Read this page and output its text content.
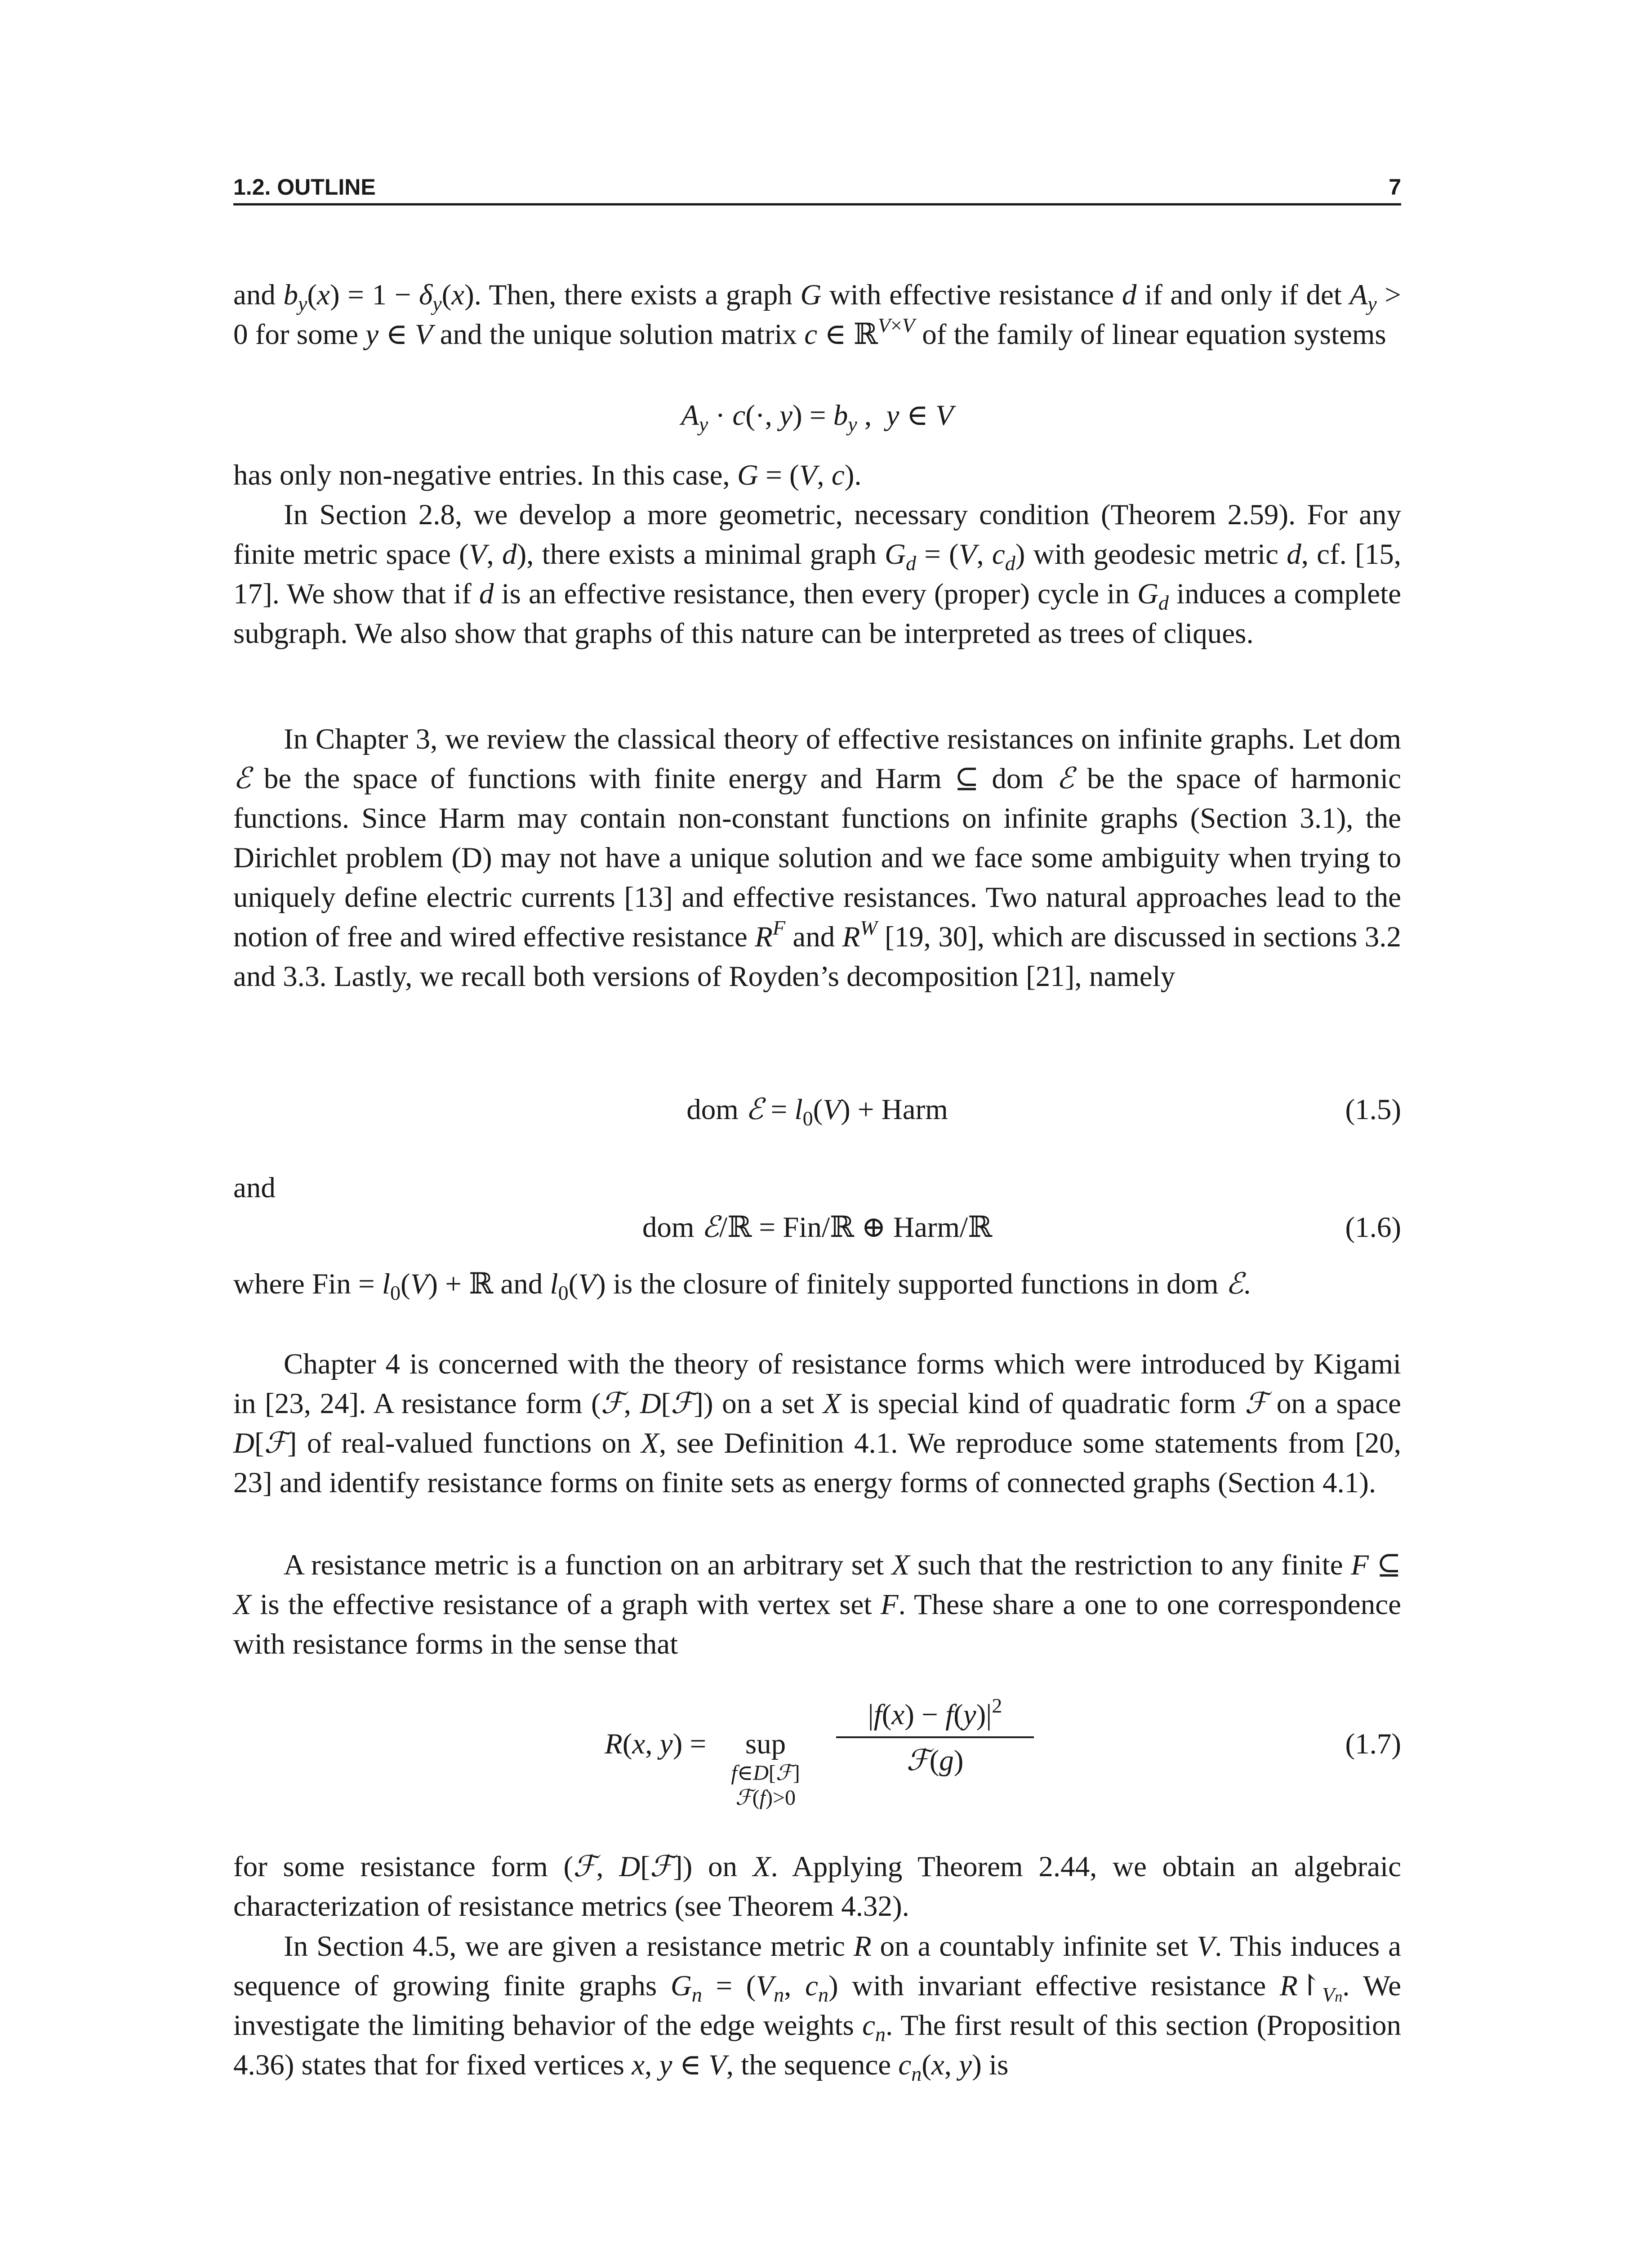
1.2. OUTLINE	7

and $b_y(x) = 1 - \delta_y(x)$. Then, there exists a graph G with effective resistance d if and only if $\det A_y > 0$ for some y ∈ V and the unique solution matrix c ∈ ℝ$^{V\times V}$ of the family of linear equation systems

$A_y \cdot c(\cdot$, $y) = b_y$ ,  y ∈ V

has only non-negative entries. In this case, G = (V, c).

In Section 2.8, we develop a more geometric, necessary condition (Theorem 2.59). For any finite metric space (V, d), there exists a minimal graph $G_d = (V$, $c_d$) with geodesic metric d, cf. [15, 17]. We show that if d is an effective resistance, then every (proper) cycle in $G_d$ induces a complete subgraph. We also show that graphs of this nature can be interpreted as trees of cliques.

In Chapter 3, we review the classical theory of effective resistances on infinite graphs. Let dom ℰ be the space of functions with finite energy and Harm ⊆ dom ℰ be the space of harmonic functions. Since Harm may contain non-constant functions on infinite graphs (Section 3.1), the Dirichlet problem (D) may not have a unique solution and we face some ambiguity when trying to uniquely define electric currents [13] and effective resistances. Two natural approaches lead to the notion of free and wired effective resistance $R^F$ and $R^W$ [19, 30], which are discussed in sections 3.2 and 3.3. Lastly, we recall both versions of Royden’s decomposition [21], namely

dom ℰ = $l_0(V)$ + Harm	(1.5)

and

dom ℰ/ℝ = Fin/ℝ ⊕ Harm/ℝ	(1.6)

where Fin = $l_0(V)$ + ℝ and $l_0(V)$ is the closure of finitely supported functions in dom ℰ.

Chapter 4 is concerned with the theory of resistance forms which were introduced by Kigami in [23, 24]. A resistance form (ℱ, D[ℱ]) on a set X is special kind of quadratic form ℱ on a space D[ℱ] of real-valued functions on X, see Definition 4.1. We reproduce some statements from [20, 23] and identify resistance forms on finite sets as energy forms of connected graphs (Section 4.1).

A resistance metric is a function on an arbitrary set X such that the restriction to any finite F ⊆ X is the effective resistance of a graph with vertex set F. These share a one to one correspondence with resistance forms in the sense that

R(x, y) =	sup
f∈D[ℱ]
ℱ(f)>0
$|f(x) - f(y)|^2$
ℱ(g)
(1.7)

for some resistance form (ℱ, D[ℱ]) on X. Applying Theorem 2.44, we obtain an algebraic characterization of resistance metrics (see Theorem 4.32).

In Section 4.5, we are given a resistance metric R on a countably infinite set V. This induces a sequence of growing finite graphs $G_n = (V_n$, $c_n$) with invariant effective resistance $R↾_{Vn}$. We investigate the limiting behavior of the edge weights $c_n$. The first result of this section (Proposition 4.36) states that for fixed vertices x, y ∈ V, the sequence $c_n(x$, y) is
